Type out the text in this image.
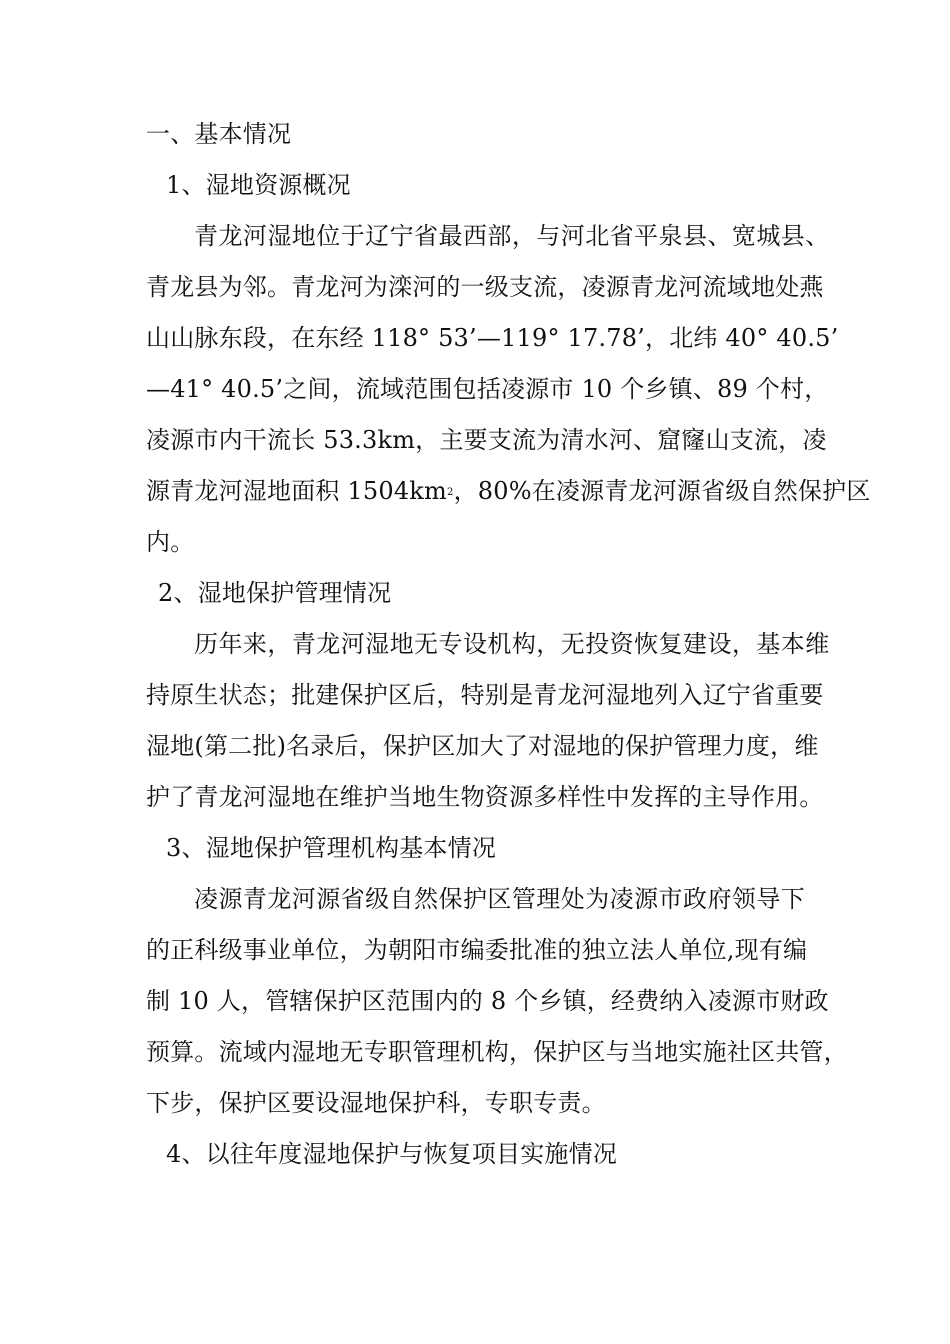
一、基本情况
1、湿地资源概况
青龙河湿地位于辽宁省最西部，与河北省平泉县、宽城县、
青龙县为邻。青龙河为滦河的一级支流，凌源青龙河流域地处燕
山山脉东段，在东经 118° 53’—119° 17.78’，北纬 40° 40.5’
—41° 40.5’之间，流域范围包括凌源市 10 个乡镇、89 个村，
凌源市内干流长 53.3km，主要支流为清水河、窟窿山支流，凌
源青龙河湿地面积 $1504km^2$，80%在凌源青龙河源省级自然保护区
内。
2、湿地保护管理情况
历年来，青龙河湿地无专设机构，无投资恢复建设，基本维
持原生状态；批建保护区后，特别是青龙河湿地列入辽宁省重要
湿地(第二批)名录后，保护区加大了对湿地的保护管理力度，维
护了青龙河湿地在维护当地生物资源多样性中发挥的主导作用。
3、湿地保护管理机构基本情况
凌源青龙河源省级自然保护区管理处为凌源市政府领导下
的正科级事业单位，为朝阳市编委批准的独立法人单位,现有编
制 10 人，管辖保护区范围内的 8 个乡镇，经费纳入凌源市财政
预算。流域内湿地无专职管理机构，保护区与当地实施社区共管，
下步，保护区要设湿地保护科，专职专责。
4、以往年度湿地保护与恢复项目实施情况
